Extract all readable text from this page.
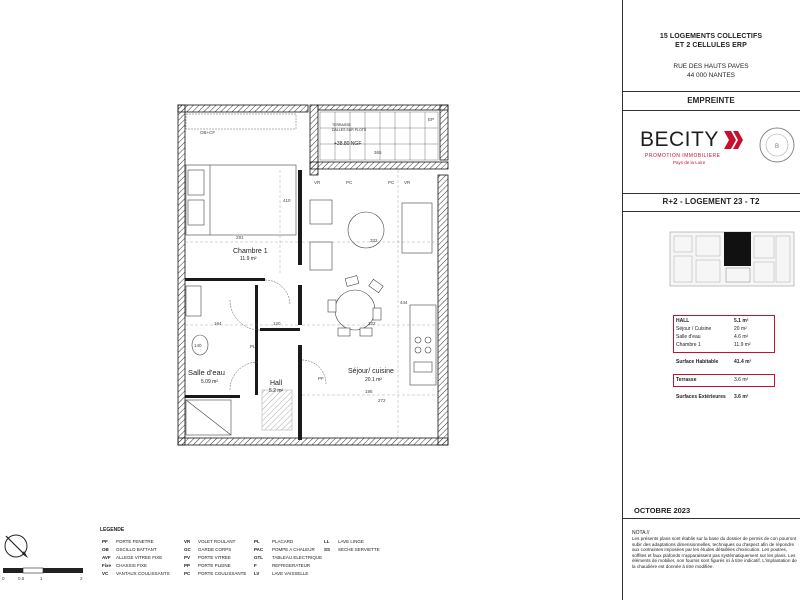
Chambre 1
11.9 m²
Salle d'eau
5.09 m²	Hall
5.2 m²
Séjour/ cuisine
20.1 m²
TERRASSE
DALLES SUR PLOTS
+38.80 NGF
291
410
164	120
332
322
444
195
272
365
140
OB+CF
VR	PC	PC VR
EP
PF
PL
0	0.5	1	2
LEGENDE
PF PORTE FENETRE
OB OSCILLO BATTANT
AVF ALLEGE VITREE FIXE
Fixe CHASSIS FIXE
VC VANTAUX COULISSANTS
VR VOLET ROULANT
GC GARDE CORPS
PV PORTE VITREE
PP PORTE PLEINE
PC PORTE COULISSANTE
PL	PLACARD
PAC POMPE A CHALEUR
GTL TABLEAU ELECTRIQUE
F	REFRIGERATEUR
LV	LAVE VAISSELLE
LL LAVE LINGE
SS SECHE SERVIETTE
15 LOGEMENTS COLLECTIFS
ET 2 CELLULES ERP
RUE DES HAUTS PAVES
44 000 NANTES
EMPREINTE
BECITY
PROMOTION IMMOBILIERE
Pays de la Loire
B
R+2 - LOGEMENT 23 - T2
HALL	5.1 m²
Séjour / Cuisine	20 m²
Salle d'eau	4.6 m²
Chambre 1	11.9 m²
Surface Habitable	41.4 m²
Terrasse	3.6 m²
Surfaces Extérieures	3.6 m²
OCTOBRE 2023
NOTA //
Les présents plans sont établis sur la base du dossier de permis de con pourront subir des adaptations dimensionnelles, techniques ou d'aspect afin de répondre aux contraintes imposées par les études détaillées d'exécution. Les poutres, soffites et faux plafonds n'apparaissent pas systématiquement sur les plans. Les éléments de mobilier, non fournis sont figurés ici à titre indicatif. L'implantation de la chaudière est donnée à titre modifiée.
